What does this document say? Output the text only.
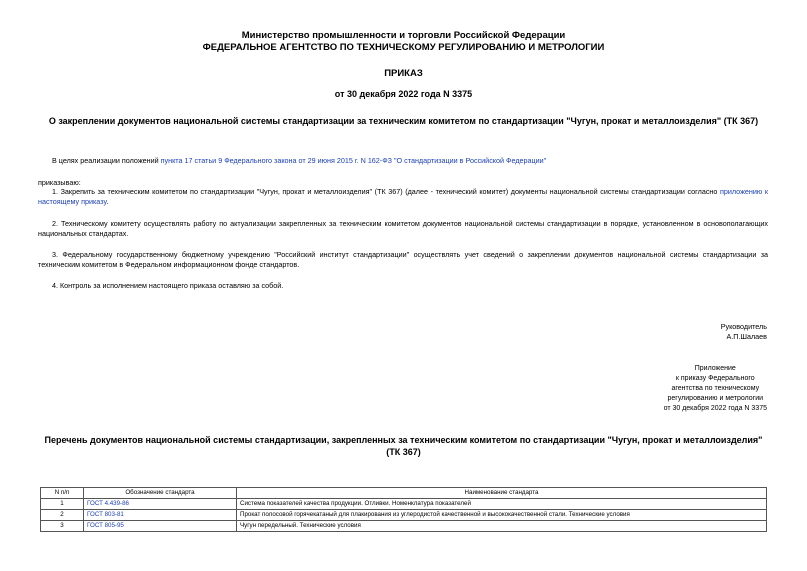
Министерство промышленности и торговли Российской Федерации
ФЕДЕРАЛЬНОЕ АГЕНТСТВО ПО ТЕХНИЧЕСКОМУ РЕГУЛИРОВАНИЮ И МЕТРОЛОГИИ
ПРИКАЗ
от 30 декабря 2022 года N 3375
О закреплении документов национальной системы стандартизации за техническим комитетом по стандартизации "Чугун, прокат и металлоизделия" (ТК 367)
В целях реализации положений пункта 17 статьи 9 Федерального закона от 29 июня 2015 г. N 162-ФЗ "О стандартизации в Российской Федерации"
приказываю:
1. Закрепить за техническим комитетом по стандартизации "Чугун, прокат и металлоизделия" (ТК 367) (далее - технический комитет) документы национальной системы стандартизации согласно приложению к настоящему приказу.
2. Техническому комитету осуществлять работу по актуализации закрепленных за техническим комитетом документов национальной системы стандартизации в порядке, установленном в основополагающих национальных стандартах.
3. Федеральному государственному бюджетному учреждению "Российский институт стандартизации" осуществлять учет сведений о закреплении документов национальной системы стандартизации за техническим комитетом в Федеральном информационном фонде стандартов.
4. Контроль за исполнением настоящего приказа оставляю за собой.
Руководитель
А.П.Шалаев
Приложение
к приказу Федерального
агентства по техническому
регулированию и метрологии
от 30 декабря 2022 года N 3375
Перечень документов национальной системы стандартизации, закрепленных за техническим комитетом по стандартизации "Чугун, прокат и металлоизделия" (ТК 367)
N п/п	Обозначение стандарта	Наименование стандарта
1	ГОСТ 4.439-86	Система показателей качества продукции. Отливки. Номенклатура показателей
2	ГОСТ 803-81	Прокат полосовой горячекатаный для плакирования из углеродистой качественной и высококачественной стали. Технические условия
3	ГОСТ 805-95	Чугун передельный. Технические условия
